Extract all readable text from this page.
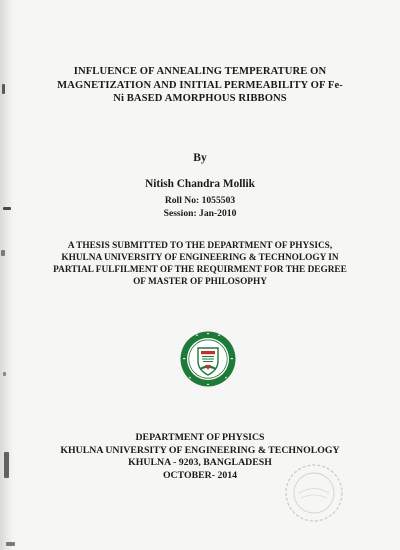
INFLUENCE OF ANNEALING TEMPERATURE ON
MAGNETIZATION AND INITIAL PERMEABILITY OF Fe-
Ni BASED AMORPHOUS RIBBONS
By
Nitish Chandra Mollik
Roll No: 1055503
Session: Jan-2010
A THESIS SUBMITTED TO THE DEPARTMENT OF PHYSICS,
KHULNA UNIVERSITY OF ENGINEERING & TECHNOLOGY IN
PARTIAL FULFILMENT OF THE REQUIRMENT FOR THE DEGREE
OF MASTER OF PHILOSOPHY
DEPARTMENT OF PHYSICS
KHULNA UNIVERSITY OF ENGINEERING & TECHNOLOGY
KHULNA - 9203, BANGLADESH
OCTOBER- 2014
